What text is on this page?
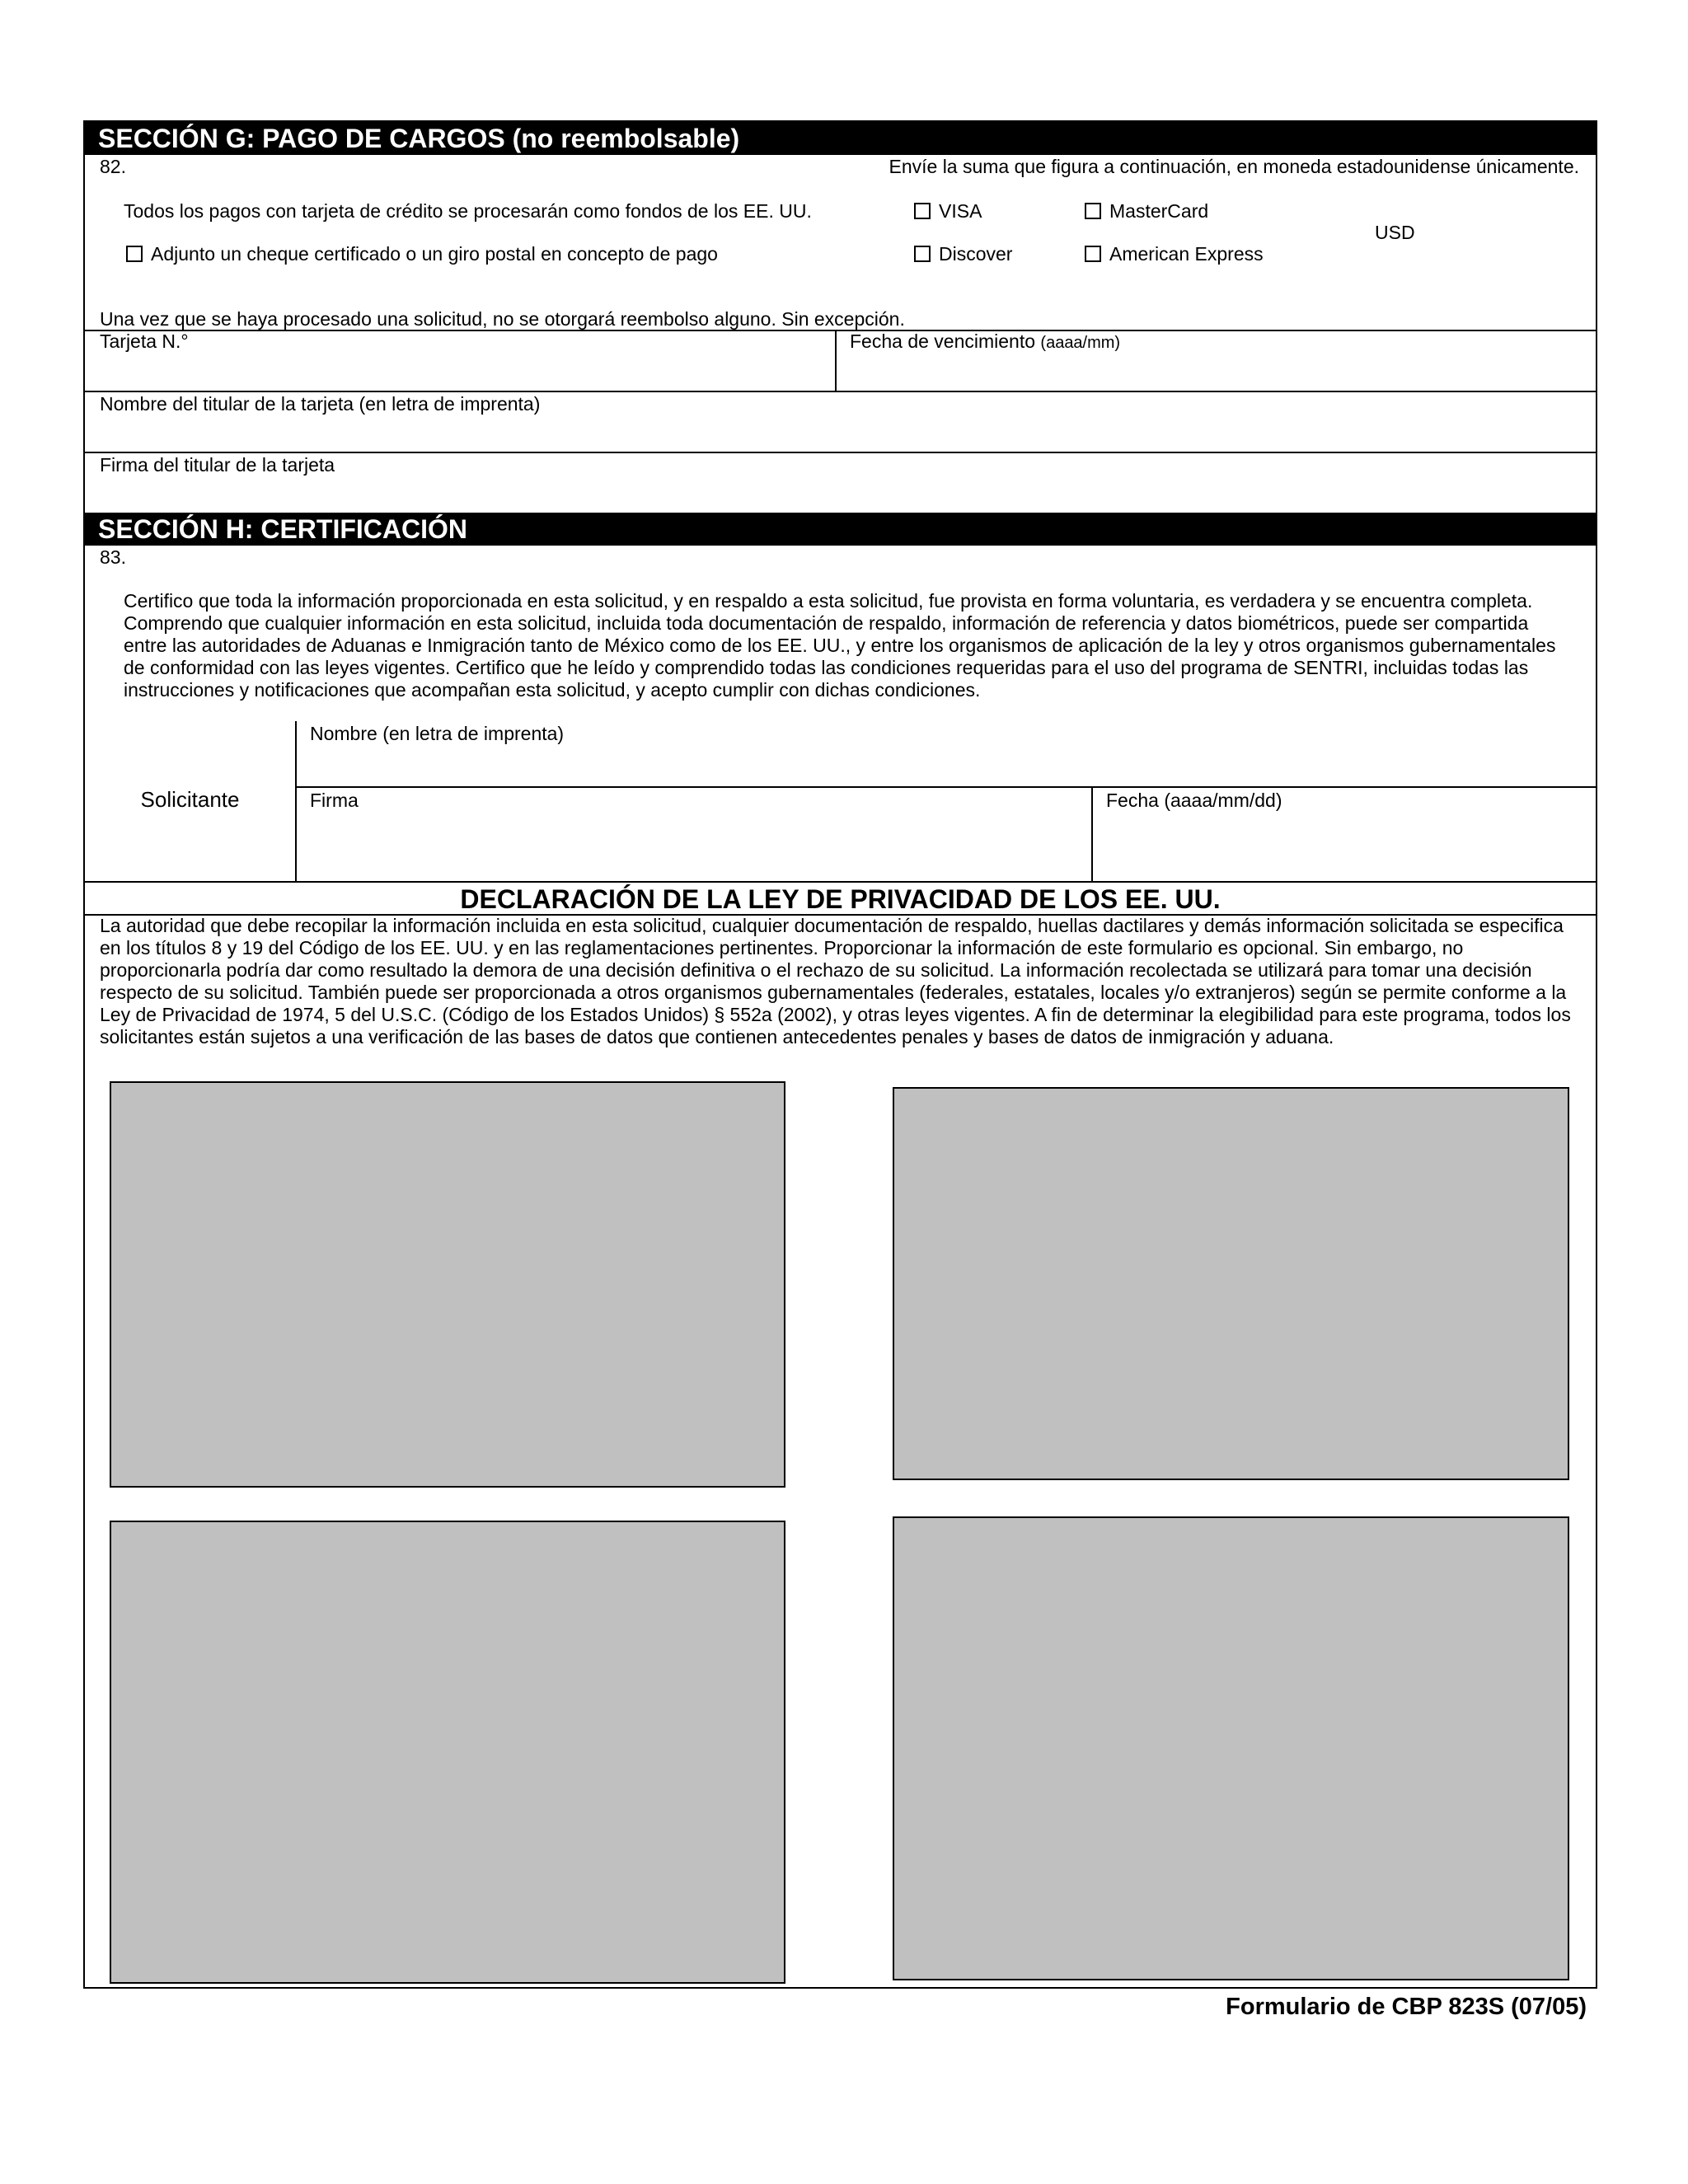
SECCIÓN G: PAGO DE CARGOS (no reembolsable)
82.	Envíe la suma que figura a continuación, en moneda estadounidense únicamente.
Todos los pagos con tarjeta de crédito se procesarán como fondos de los EE. UU.
Adjunto un cheque certificado o un giro postal en concepto de pago
VISA	MasterCard
Discover	American Express
USD
Una vez que se haya procesado una solicitud, no se otorgará reembolso alguno. Sin excepción.
Tarjeta N.°	Fecha de vencimiento (aaaa/mm)
Nombre del titular de la tarjeta (en letra de imprenta)
Firma del titular de la tarjeta
SECCIÓN H: CERTIFICACIÓN
83.
Certifico que toda la información proporcionada en esta solicitud, y en respaldo a esta solicitud, fue provista en forma voluntaria, es verdadera y se encuentra completa.
Comprendo que cualquier información en esta solicitud, incluida toda documentación de respaldo, información de referencia y datos biométricos, puede ser compartida
entre las autoridades de Aduanas e Inmigración tanto de México como de los EE. UU., y entre los organismos de aplicación de la ley y otros organismos gubernamentales
de conformidad con las leyes vigentes. Certifico que he leído y comprendido todas las condiciones requeridas para el uso del programa de SENTRI, incluidas todas las
instrucciones y notificaciones que acompañan esta solicitud, y acepto cumplir con dichas condiciones.
Solicitante
Nombre (en letra de imprenta)
Firma	Fecha (aaaa/mm/dd)
DECLARACIÓN DE LA LEY DE PRIVACIDAD DE LOS EE. UU.
La autoridad que debe recopilar la información incluida en esta solicitud, cualquier documentación de respaldo, huellas dactilares y demás información solicitada se especifica
en los títulos 8 y 19 del Código de los EE. UU. y en las reglamentaciones pertinentes. Proporcionar la información de este formulario es opcional. Sin embargo, no
proporcionarla podría dar como resultado la demora de una decisión definitiva o el rechazo de su solicitud. La información recolectada se utilizará para tomar una decisión
respecto de su solicitud. También puede ser proporcionada a otros organismos gubernamentales (federales, estatales, locales y/o extranjeros) según se permite conforme a la
Ley de Privacidad de 1974, 5 del U.S.C. (Código de los Estados Unidos) § 552a (2002), y otras leyes vigentes. A fin de determinar la elegibilidad para este programa, todos los
solicitantes están sujetos a una verificación de las bases de datos que contienen antecedentes penales y bases de datos de inmigración y aduana.
Formulario de CBP 823S (07/05)
